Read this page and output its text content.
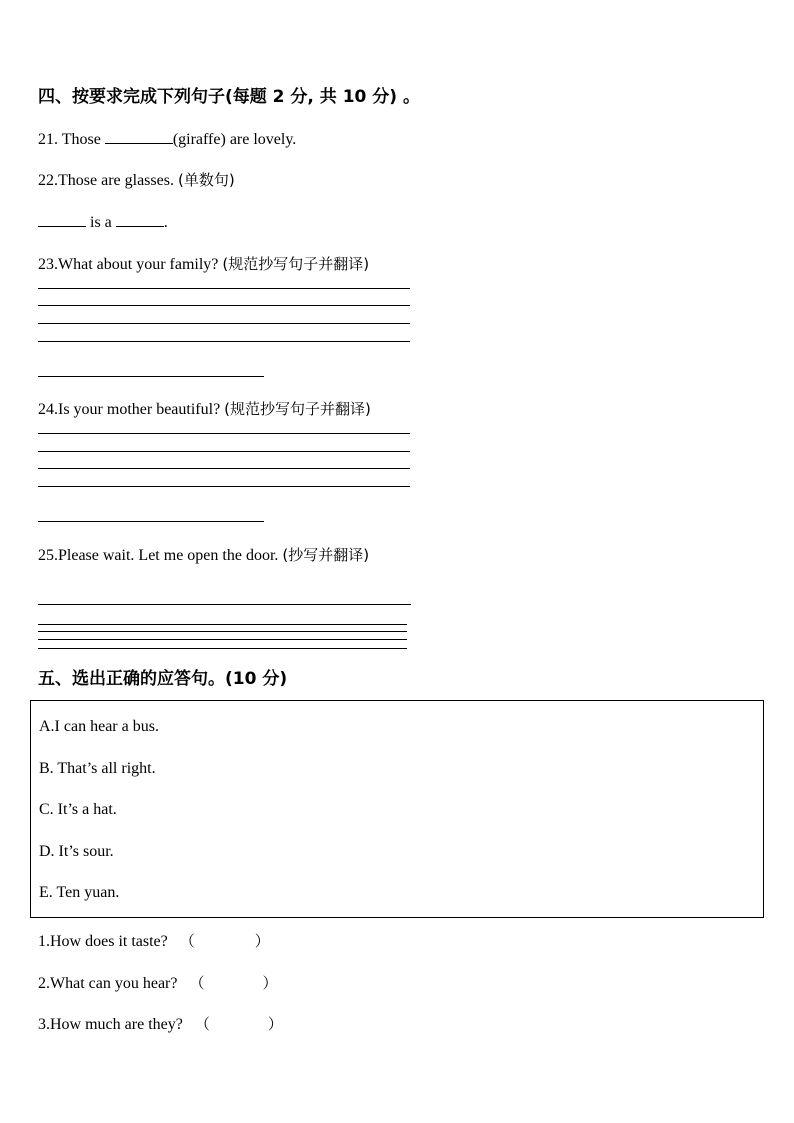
四、按要求完成下列句子(每题 2 分, 共 10 分) 。
21. Those	(giraffe) are lovely.
22.Those are glasses. (单数句)
is a	.
23.What about your family? (规范抄写句子并翻译)
24.Is your mother beautiful? (规范抄写句子并翻译)
25.Please wait. Let me open the door. (抄写并翻译)
五、选出正确的应答句。(10 分)
A.I can hear a bus.
B. That’s all right.
C. It’s a hat.
D. It’s sour.
E. Ten yuan.
1.How does it taste? （	）
2.What can you hear? （	）
3.How much are they? （	）
